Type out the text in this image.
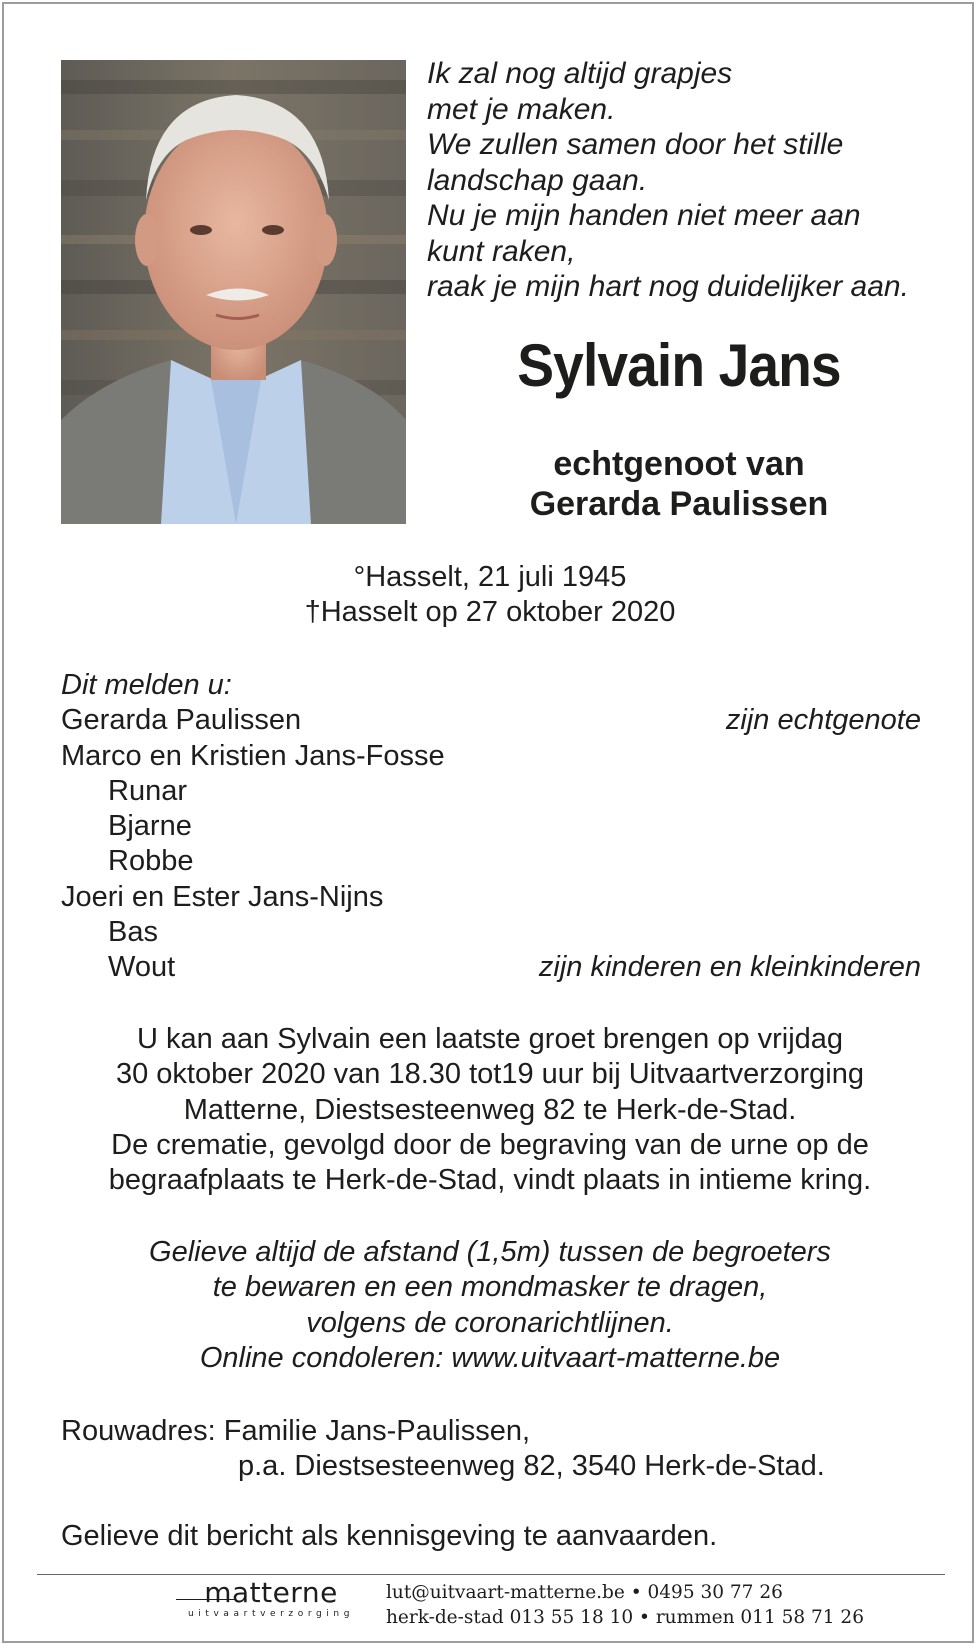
Ik zal nog altijd grapjes
met je maken.
We zullen samen door het stille
landschap gaan.
Nu je mijn handen niet meer aan
kunt raken,
raak je mijn hart nog duidelijker aan.
Sylvain Jans
echtgenoot van
Gerarda Paulissen
°Hasselt, 21 juli 1945
†Hasselt op 27 oktober 2020
Dit melden u:
Gerarda Paulissen	zijn echtgenote
Marco en Kristien Jans-Fosse
Runar
Bjarne
Robbe
Joeri en Ester Jans-Nijns
Bas
Wout	zijn kinderen en kleinkinderen
U kan aan Sylvain een laatste groet brengen op vrijdag
30 oktober 2020 van 18.30 tot19 uur bij Uitvaartverzorging
Matterne, Diestsesteenweg 82 te Herk-de-Stad.
De crematie, gevolgd door de begraving van de urne op de
begraafplaats te Herk-de-Stad, vindt plaats in intieme kring.
Gelieve altijd de afstand (1,5m) tussen de begroeters
te bewaren en een mondmasker te dragen,
volgens de coronarichtlijnen.
Online condoleren: www.uitvaart-matterne.be
Rouwadres: Familie Jans-Paulissen,
p.a. Diestsesteenweg 82, 3540 Herk-de-Stad.
Gelieve dit bericht als kennisgeving te aanvaarden.
matterne
uitvaartverzorging
lut@uitvaart-matterne.be • 0495 30 77 26
herk-de-stad 013 55 18 10 • rummen 011 58 71 26
